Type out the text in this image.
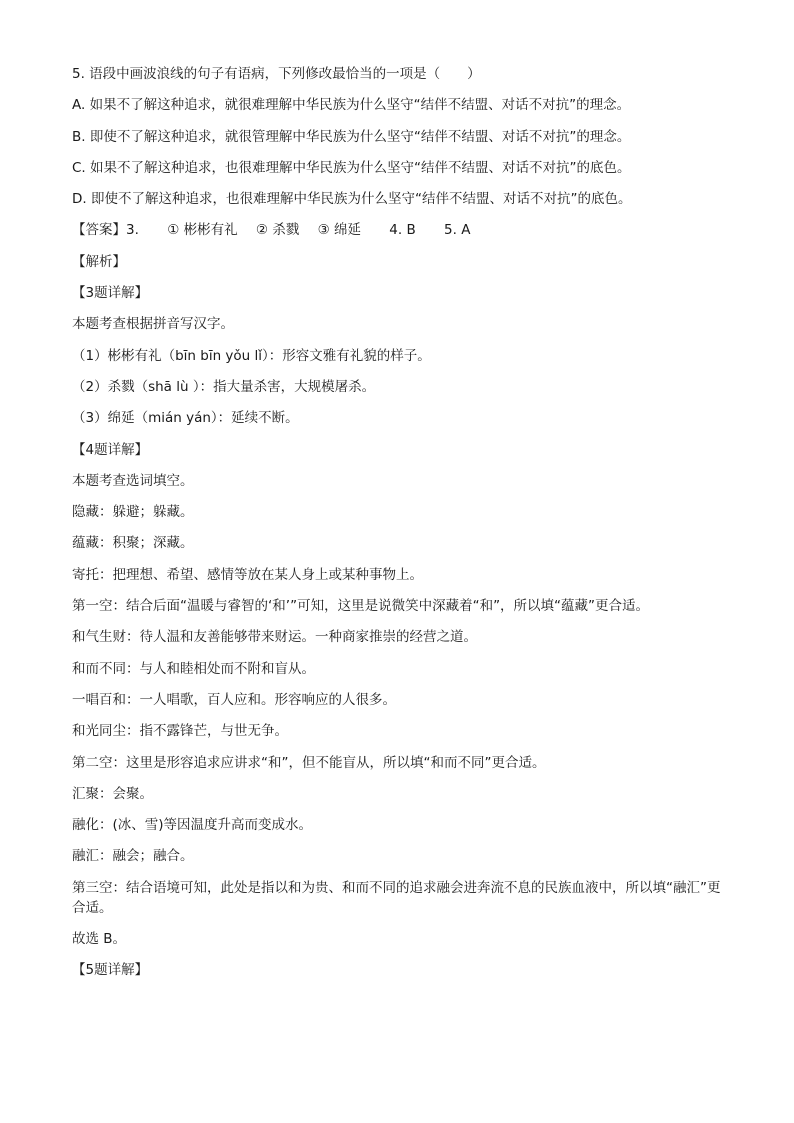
5. 语段中画波浪线的句子有语病，下列修改最恰当的一项是（　　）

A. 如果不了解这种追求，就很难理解中华民族为什么坚守“结伴不结盟、对话不对抗”的理念。

B. 即使不了解这种追求，就很管理解中华民族为什么坚守“结伴不结盟、对话不对抗”的理念。

C. 如果不了解这种追求，也很难理解中华民族为什么坚守“结伴不结盟、对话不对抗”的底色。

D. 即使不了解这种追求，也很难理解中华民族为什么坚守“结伴不结盟、对话不对抗”的底色。

【答案】3. ① 彬彬有礼 ② 杀戮 ③ 绵延 4. B 5. A

【解析】

【3题详解】

本题考查根据拼音写汉字。

（1）彬彬有礼（bīn bīn yǒu lǐ）：形容文雅有礼貌的样子。

（2）杀戮（shā lù ）：指大量杀害，大规模屠杀。

（3）绵延（mián yán）：延续不断。

【4题详解】

本题考查选词填空。

隐藏：躲避；躲藏。

蕴藏：积聚；深藏。

寄托：把理想、希望、感情等放在某人身上或某种事物上。

第一空：结合后面“温暖与睿智的‘和’”可知，这里是说微笑中深藏着“和”，所以填“蕴藏”更合适。

和气生财：待人温和友善能够带来财运。一种商家推崇的经营之道。

和而不同：与人和睦相处而不附和盲从。

一唱百和：一人唱歌，百人应和。形容响应的人很多。

和光同尘：指不露锋芒，与世无争。

第二空：这里是形容追求应讲求“和”，但不能盲从，所以填“和而不同”更合适。

汇聚：会聚。

融化：(冰、雪)等因温度升高而变成水。

融汇：融会；融合。

第三空：结合语境可知，此处是指以和为贵、和而不同的追求融会进奔流不息的民族血液中，所以填“融汇”更合适。

故选 B。

【5题详解】
